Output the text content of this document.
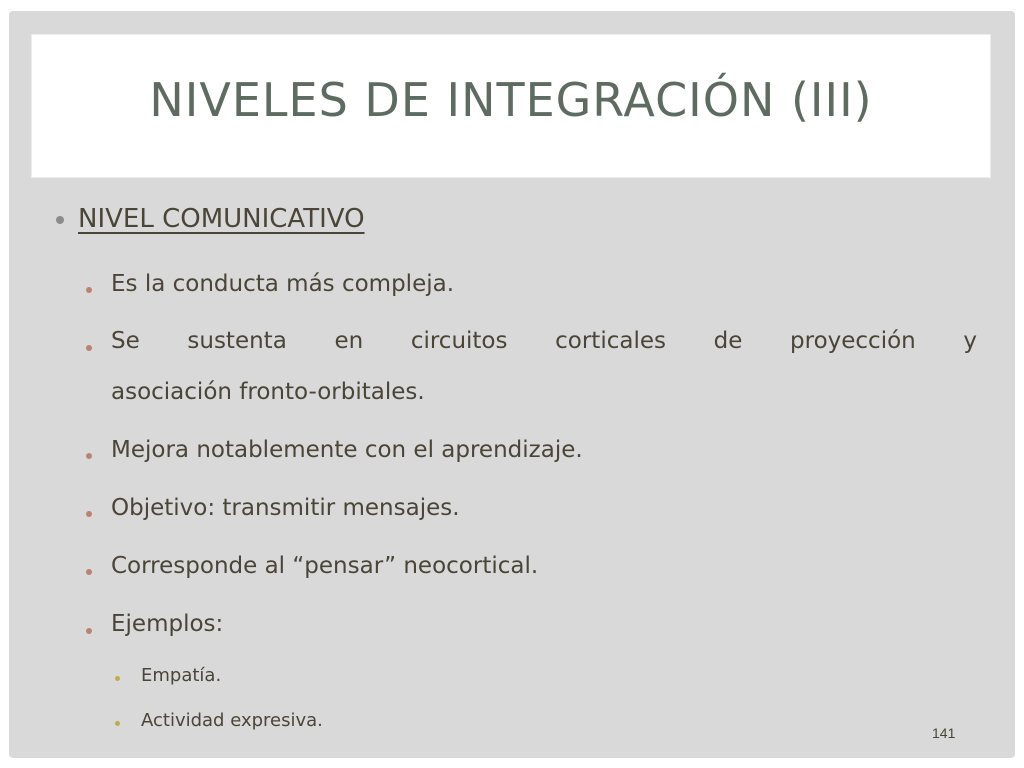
NIVELES DE INTEGRACIÓN (III)
NIVEL COMUNICATIVO
Es la conducta más compleja.
Se sustenta en circuitos corticales de proyección y
asociación fronto-orbitales.
Mejora notablemente con el aprendizaje.
Objetivo: transmitir mensajes.
Corresponde al “pensar” neocortical.
Ejemplos:
Empatía.
Actividad expresiva.
141
